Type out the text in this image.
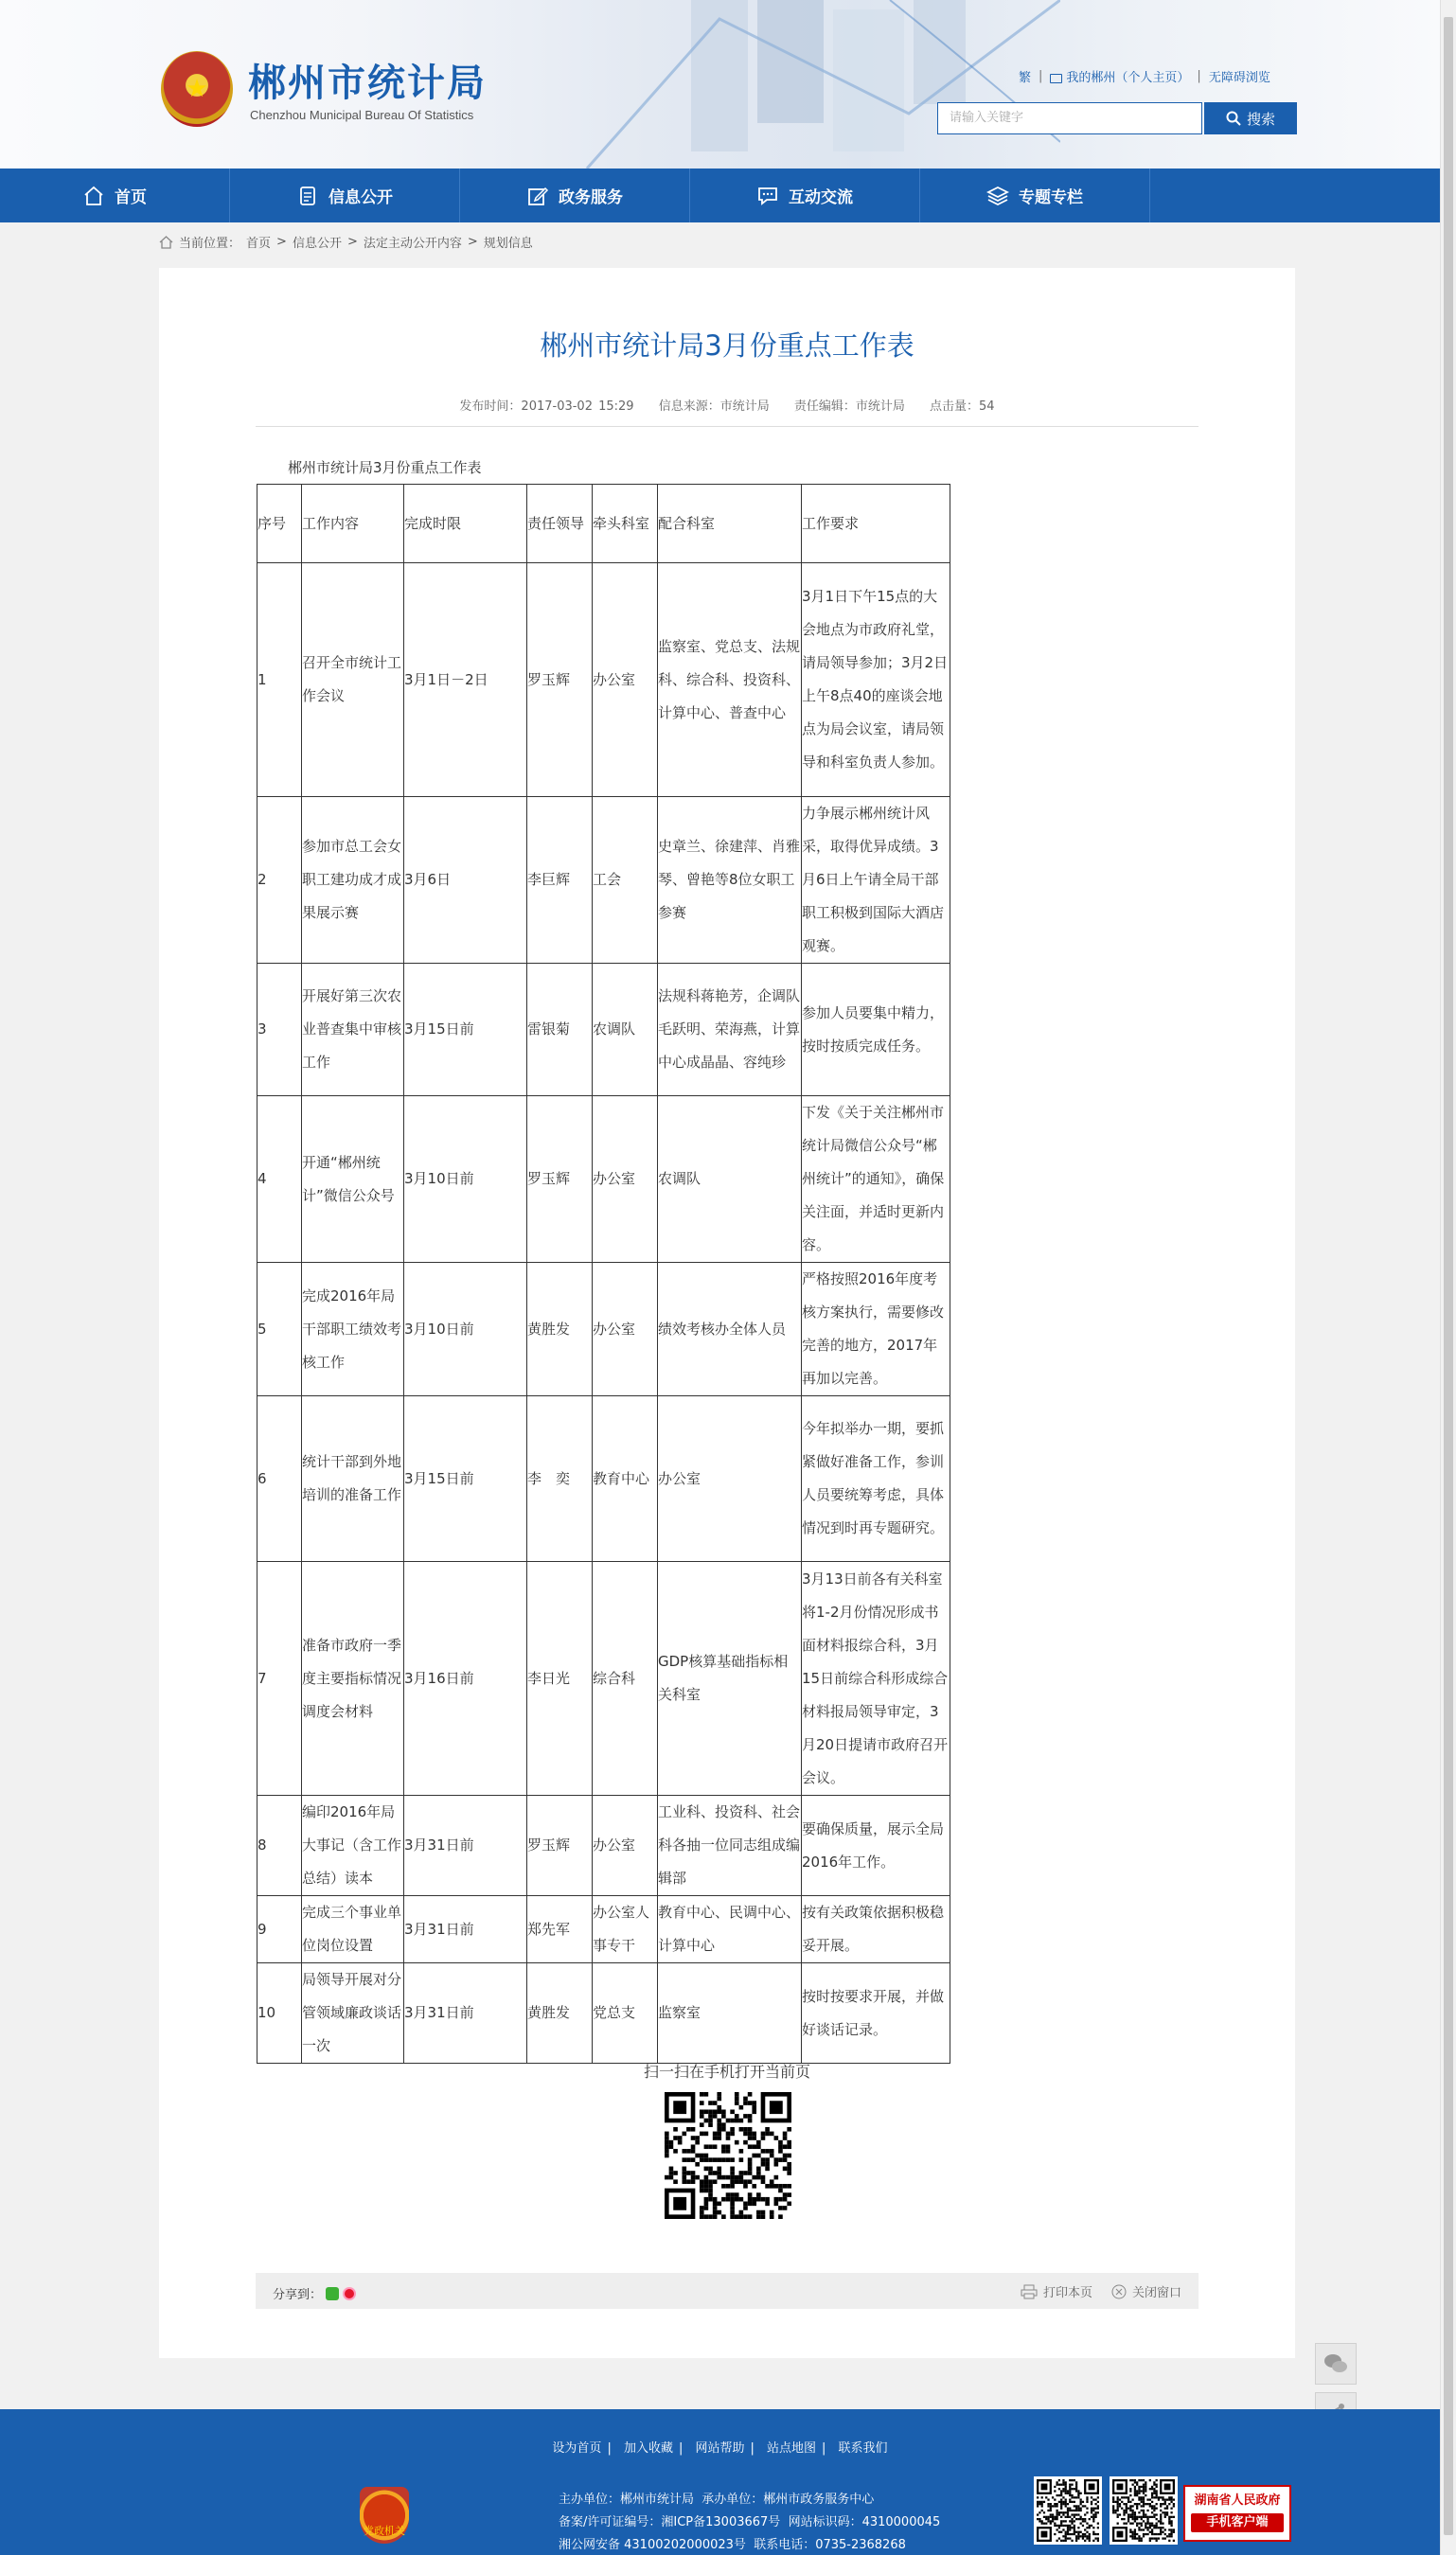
★	郴州市统计局
Chenzhou Municipal Bureau Of Statistics
繁 |	我的郴州（个人主页） | 无障碍浏览
请输入关键字	搜索
首页	信息公开	政务服务	互动交流	专题专栏
当前位置： 首页 > 信息公开 > 法定主动公开内容 > 规划信息
郴州市统计局3月份重点工作表
发布时间：2017-03-02 15:29 信息来源：市统计局 责任编辑：市统计局 点击量：54
郴州市统计局3月份重点工作表
序号	工作内容	完成时限	责任领导	牵头科室	配合科室	工作要求
1	召开全市统计工作会议	3月1日－2日	罗玉辉	办公室	监察室、党总支、法规科、综合科、投资科、计算中心、普查中心	3月1日下午15点的大会地点为市政府礼堂，请局领导参加；3月2日上午8点40的座谈会地点为局会议室，请局领导和科室负责人参加。
2	参加市总工会女职工建功成才成果展示赛	3月6日	李巨辉	工会	史章兰、徐建萍、肖雅琴、曾艳等8位女职工参赛	力争展示郴州统计风采，取得优异成绩。3月6日上午请全局干部职工积极到国际大酒店观赛。
3	开展好第三次农业普查集中审核工作	3月15日前	雷银菊	农调队	法规科蒋艳芳，企调队毛跃明、荣海燕，计算中心成晶晶、容纯珍	参加人员要集中精力，按时按质完成任务。
4	开通“郴州统计”微信公众号	3月10日前	罗玉辉	办公室	农调队	下发《关于关注郴州市统计局微信公众号“郴州统计”的通知》，确保关注面，并适时更新内容。
5	完成2016年局干部职工绩效考核工作	3月10日前	黄胜发	办公室	绩效考核办全体人员	严格按照2016年度考核方案执行，需要修改完善的地方，2017年再加以完善。
6	统计干部到外地培训的准备工作	3月15日前	李　奕	教育中心	办公室	今年拟举办一期，要抓紧做好准备工作，参训人员要统筹考虑，具体情况到时再专题研究。
7	准备市政府一季度主要指标情况调度会材料	3月16日前	李日光	综合科	GDP核算基础指标相关科室	3月13日前各有关科室将1-2月份情况形成书面材料报综合科，3月15日前综合科形成综合材料报局领导审定，3月20日提请市政府召开会议。
8	编印2016年局大事记（含工作总结）读本	3月31日前	罗玉辉	办公室	工业科、投资科、社会科各抽一位同志组成编辑部	要确保质量，展示全局2016年工作。
9	完成三个事业单位岗位设置	3月31日前	郑先军	办公室人事专干	教育中心、民调中心、计算中心	按有关政策依据积极稳妥开展。
10	局领导开展对分管领域廉政谈话一次	3月31日前	黄胜发	党总支	监察室	按时按要求开展，并做好谈话记录。
扫一扫在手机打开当前页
分享到：	打印本页	关闭窗口
设为首页 | 加入收藏 | 网站帮助 | 站点地图 | 联系我们
党政机关
主办单位：郴州市统计局 承办单位：郴州市政务服务中心
备案/许可证编号：湘ICP备13003667号 网站标识码：4310000045
湘公网安备 43100202000023号 联系电话：0735-2368268
湖南省人民政府
手机客户端
